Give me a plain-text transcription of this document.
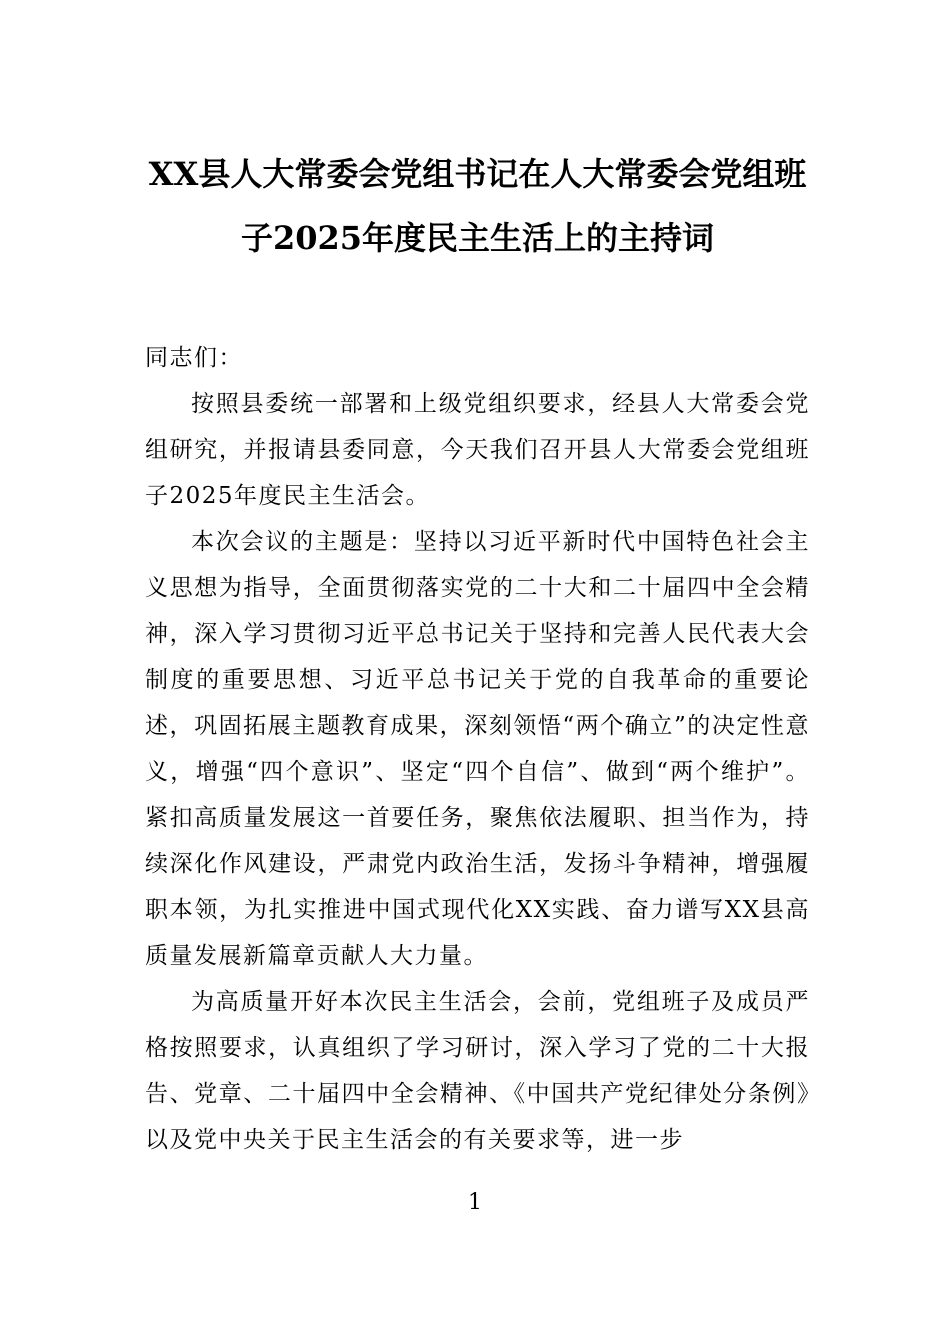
XX县人大常委会党组书记在人大常委会党组班子2025年度民主生活上的主持词

同志们：

按照县委统一部署和上级党组织要求，经县人大常委会党组研究，并报请县委同意，今天我们召开县人大常委会党组班子2025年度民主生活会。

本次会议的主题是：坚持以习近平新时代中国特色社会主义思想为指导，全面贯彻落实党的二十大和二十届四中全会精神，深入学习贯彻习近平总书记关于坚持和完善人民代表大会制度的重要思想、习近平总书记关于党的自我革命的重要论述，巩固拓展主题教育成果，深刻领悟“两个确立”的决定性意义，增强“四个意识”、坚定“四个自信”、做到“两个维护”。紧扣高质量发展这一首要任务，聚焦依法履职、担当作为，持续深化作风建设，严肃党内政治生活，发扬斗争精神，增强履职本领，为扎实推进中国式现代化XX实践、奋力谱写XX县高质量发展新篇章贡献人大力量。

为高质量开好本次民主生活会，会前，党组班子及成员严格按照要求，认真组织了学习研讨，深入学习了党的二十大报告、党章、二十届四中全会精神、《中国共产党纪律处分条例》以及党中央关于民主生活会的有关要求等，进一步

1
